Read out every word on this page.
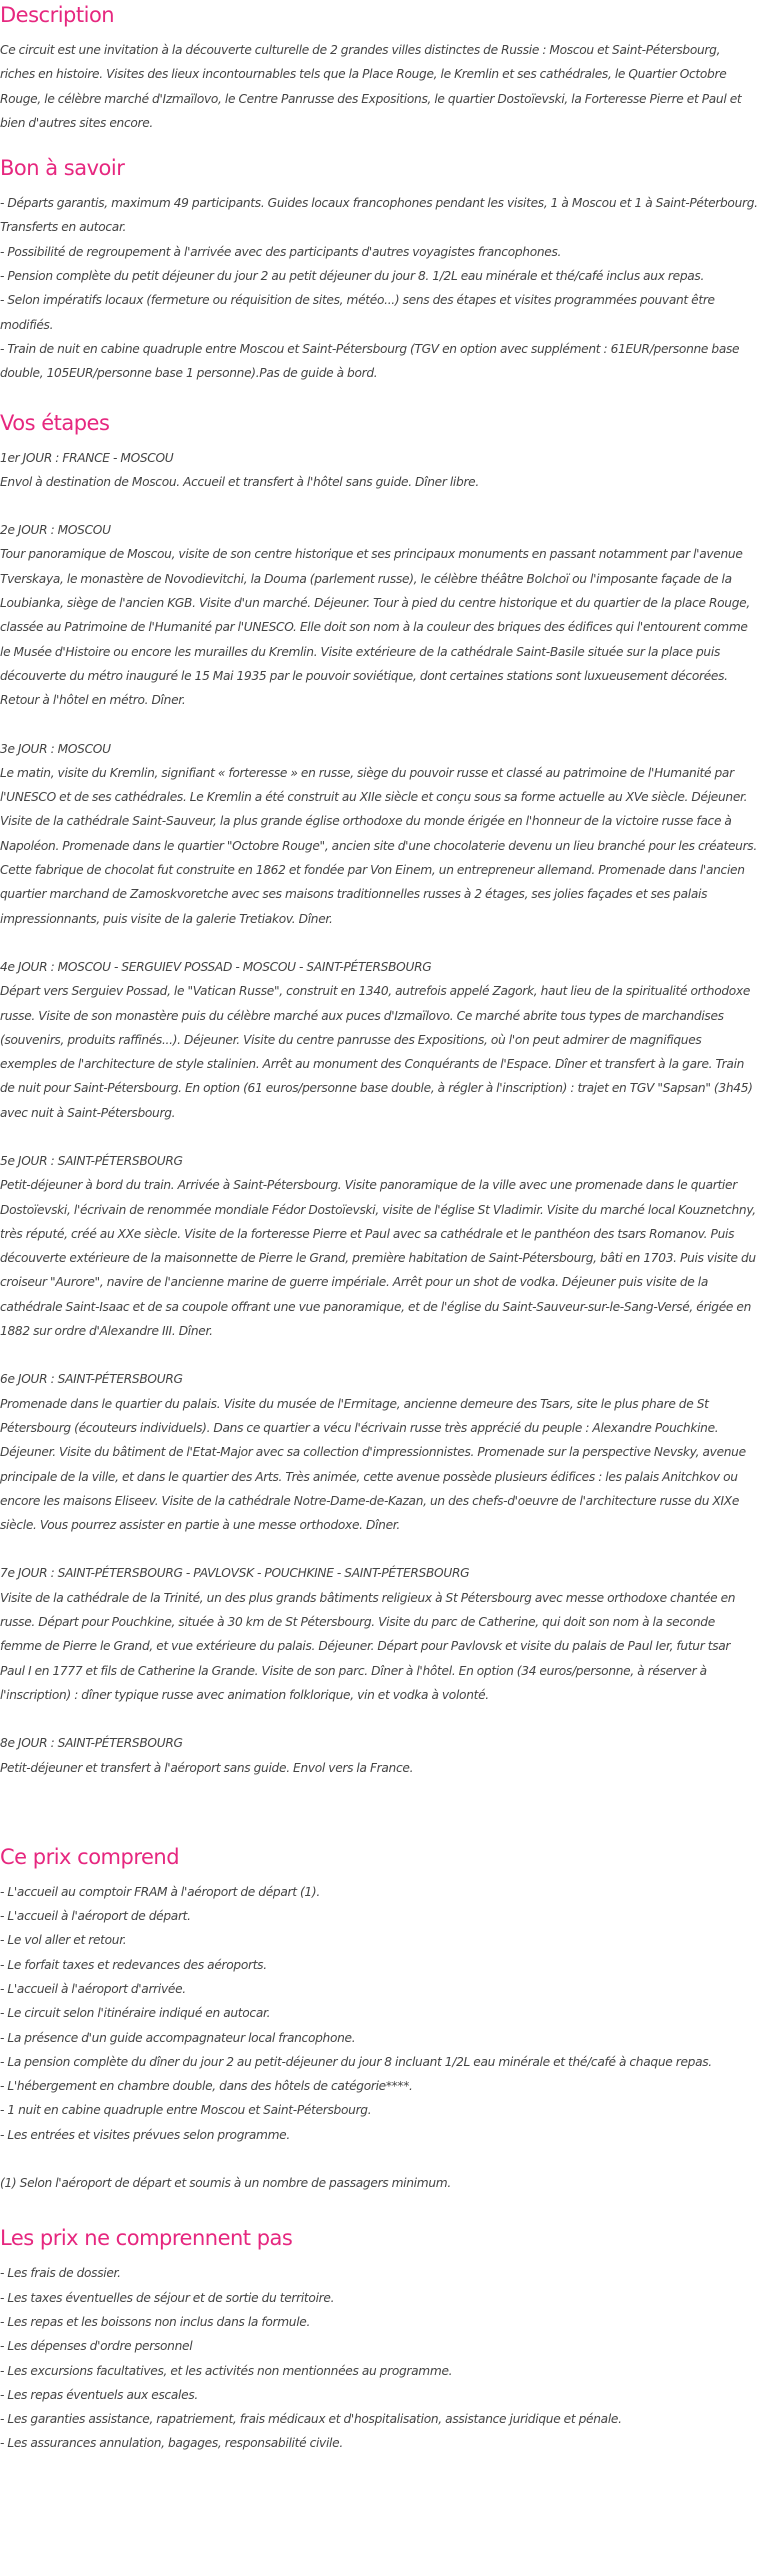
Description

Ce circuit est une invitation à la découverte culturelle de 2 grandes villes distinctes de Russie : Moscou et Saint-Pétersbourg, riches en histoire. Visites des lieux incontournables tels que la Place Rouge, le Kremlin et ses cathédrales, le Quartier Octobre Rouge, le célèbre marché d'Izmaïlovo, le Centre Panrusse des Expositions, le quartier Dostoïevski, la Forteresse Pierre et Paul et bien d'autres sites encore.

Bon à savoir
- Départs garantis, maximum 49 participants. Guides locaux francophones pendant les visites, 1 à Moscou et 1 à Saint-Péterbourg. Transferts en autocar.
- Possibilité de regroupement à l'arrivée avec des participants d'autres voyagistes francophones.
- Pension complète du petit déjeuner du jour 2 au petit déjeuner du jour 8. 1/2L eau minérale et thé/café inclus aux repas.
- Selon impératifs locaux (fermeture ou réquisition de sites, météo...) sens des étapes et visites programmées pouvant être modifiés.
- Train de nuit en cabine quadruple entre Moscou et Saint-Pétersbourg (TGV en option avec supplément : 61EUR/personne base double, 105EUR/personne base 1 personne).Pas de guide à bord.
Vos étapes

1er JOUR : FRANCE - MOSCOU

Envol à destination de Moscou. Accueil et transfert à l'hôtel sans guide. Dîner libre.

2e JOUR : MOSCOU

Tour panoramique de Moscou, visite de son centre historique et ses principaux monuments en passant notamment par l'avenue Tverskaya, le monastère de Novodievitchi, la Douma (parlement russe), le célèbre théâtre Bolchoï ou l'imposante façade de la Loubianka, siège de l'ancien KGB. Visite d'un marché. Déjeuner. Tour à pied du centre historique et du quartier de la place Rouge, classée au Patrimoine de l'Humanité par l'UNESCO. Elle doit son nom à la couleur des briques des édifices qui l'entourent comme le Musée d'Histoire ou encore les murailles du Kremlin. Visite extérieure de la cathédrale Saint-Basile située sur la place puis découverte du métro inauguré le 15 Mai 1935 par le pouvoir soviétique, dont certaines stations sont luxueusement décorées. Retour à l'hôtel en métro. Dîner.

3e JOUR : MOSCOU

Le matin, visite du Kremlin, signifiant « forteresse » en russe, siège du pouvoir russe et classé au patrimoine de l'Humanité par l'UNESCO et de ses cathédrales. Le Kremlin a été construit au XIIe siècle et conçu sous sa forme actuelle au XVe siècle. Déjeuner. Visite de la cathédrale Saint-Sauveur, la plus grande église orthodoxe du monde érigée en l'honneur de la victoire russe face à Napoléon. Promenade dans le quartier "Octobre Rouge", ancien site d'une chocolaterie devenu un lieu branché pour les créateurs. Cette fabrique de chocolat fut construite en 1862 et fondée par Von Einem, un entrepreneur allemand. Promenade dans l'ancien quartier marchand de Zamoskvoretche avec ses maisons traditionnelles russes à 2 étages, ses jolies façades et ses palais impressionnants, puis visite de la galerie Tretiakov. Dîner.

4e JOUR : MOSCOU - SERGUIEV POSSAD - MOSCOU - SAINT-PÉTERSBOURG

Départ vers Serguiev Possad, le "Vatican Russe", construit en 1340, autrefois appelé Zagork, haut lieu de la spiritualité orthodoxe russe. Visite de son monastère puis du célèbre marché aux puces d'Izmaïlovo. Ce marché abrite tous types de marchandises (souvenirs, produits raffinés...). Déjeuner. Visite du centre panrusse des Expositions, où l'on peut admirer de magnifiques exemples de l'architecture de style stalinien. Arrêt au monument des Conquérants de l'Espace. Dîner et transfert à la gare. Train de nuit pour Saint-Pétersbourg. En option (61 euros/personne base double, à régler à l'inscription) : trajet en TGV "Sapsan" (3h45) avec nuit à Saint-Pétersbourg.

5e JOUR : SAINT-PÉTERSBOURG

Petit-déjeuner à bord du train. Arrivée à Saint-Pétersbourg. Visite panoramique de la ville avec une promenade dans le quartier Dostoïevski, l'écrivain de renommée mondiale Fédor Dostoïevski, visite de l'église St Vladimir. Visite du marché local Kouznetchny, très réputé, créé au XXe siècle. Visite de la forteresse Pierre et Paul avec sa cathédrale et le panthéon des tsars Romanov. Puis découverte extérieure de la maisonnette de Pierre le Grand, première habitation de Saint-Pétersbourg, bâti en 1703. Puis visite du croiseur "Aurore", navire de l'ancienne marine de guerre impériale. Arrêt pour un shot de vodka. Déjeuner puis visite de la cathédrale Saint-Isaac et de sa coupole offrant une vue panoramique, et de l'église du Saint-Sauveur-sur-le-Sang-Versé, érigée en 1882 sur ordre d'Alexandre III. Dîner.

6e JOUR : SAINT-PÉTERSBOURG

Promenade dans le quartier du palais. Visite du musée de l'Ermitage, ancienne demeure des Tsars, site le plus phare de St Pétersbourg (écouteurs individuels). Dans ce quartier a vécu l'écrivain russe très apprécié du peuple : Alexandre Pouchkine. Déjeuner. Visite du bâtiment de l'Etat-Major avec sa collection d'impressionnistes. Promenade sur la perspective Nevsky, avenue principale de la ville, et dans le quartier des Arts. Très animée, cette avenue possède plusieurs édifices : les palais Anitchkov ou encore les maisons Eliseev. Visite de la cathédrale Notre-Dame-de-Kazan, un des chefs-d'oeuvre de l'architecture russe du XIXe siècle. Vous pourrez assister en partie à une messe orthodoxe. Dîner.

7e JOUR : SAINT-PÉTERSBOURG - PAVLOVSK - POUCHKINE - SAINT-PÉTERSBOURG

Visite de la cathédrale de la Trinité, un des plus grands bâtiments religieux à St Pétersbourg avec messe orthodoxe chantée en russe. Départ pour Pouchkine, située à 30 km de St Pétersbourg. Visite du parc de Catherine, qui doit son nom à la seconde femme de Pierre le Grand, et vue extérieure du palais. Déjeuner. Départ pour Pavlovsk et visite du palais de Paul Ier, futur tsar Paul I en 1777 et fils de Catherine la Grande. Visite de son parc. Dîner à l'hôtel. En option (34 euros/personne, à réserver à l'inscription) : dîner typique russe avec animation folklorique, vin et vodka à volonté.

8e JOUR : SAINT-PÉTERSBOURG

Petit-déjeuner et transfert à l'aéroport sans guide. Envol vers la France.

Ce prix comprend
- L'accueil au comptoir FRAM à l'aéroport de départ (1).
- L'accueil à l'aéroport de départ.
- Le vol aller et retour.
- Le forfait taxes et redevances des aéroports.
- L'accueil à l'aéroport d'arrivée.
- Le circuit selon l'itinéraire indiqué en autocar.
- La présence d'un guide accompagnateur local francophone.
- La pension complète du dîner du jour 2 au petit-déjeuner du jour 8 incluant 1/2L eau minérale et thé/café à chaque repas.
- L'hébergement en chambre double, dans des hôtels de catégorie****.
- 1 nuit en cabine quadruple entre Moscou et Saint-Pétersbourg.
- Les entrées et visites prévues selon programme.

(1) Selon l'aéroport de départ et soumis à un nombre de passagers minimum.

Les prix ne comprennent pas
- Les frais de dossier.
- Les taxes éventuelles de séjour et de sortie du territoire.
- Les repas et les boissons non inclus dans la formule.
- Les dépenses d'ordre personnel
- Les excursions facultatives, et les activités non mentionnées au programme.
- Les repas éventuels aux escales.
- Les garanties assistance, rapatriement, frais médicaux et d'hospitalisation, assistance juridique et pénale.
- Les assurances annulation, bagages, responsabilité civile.
